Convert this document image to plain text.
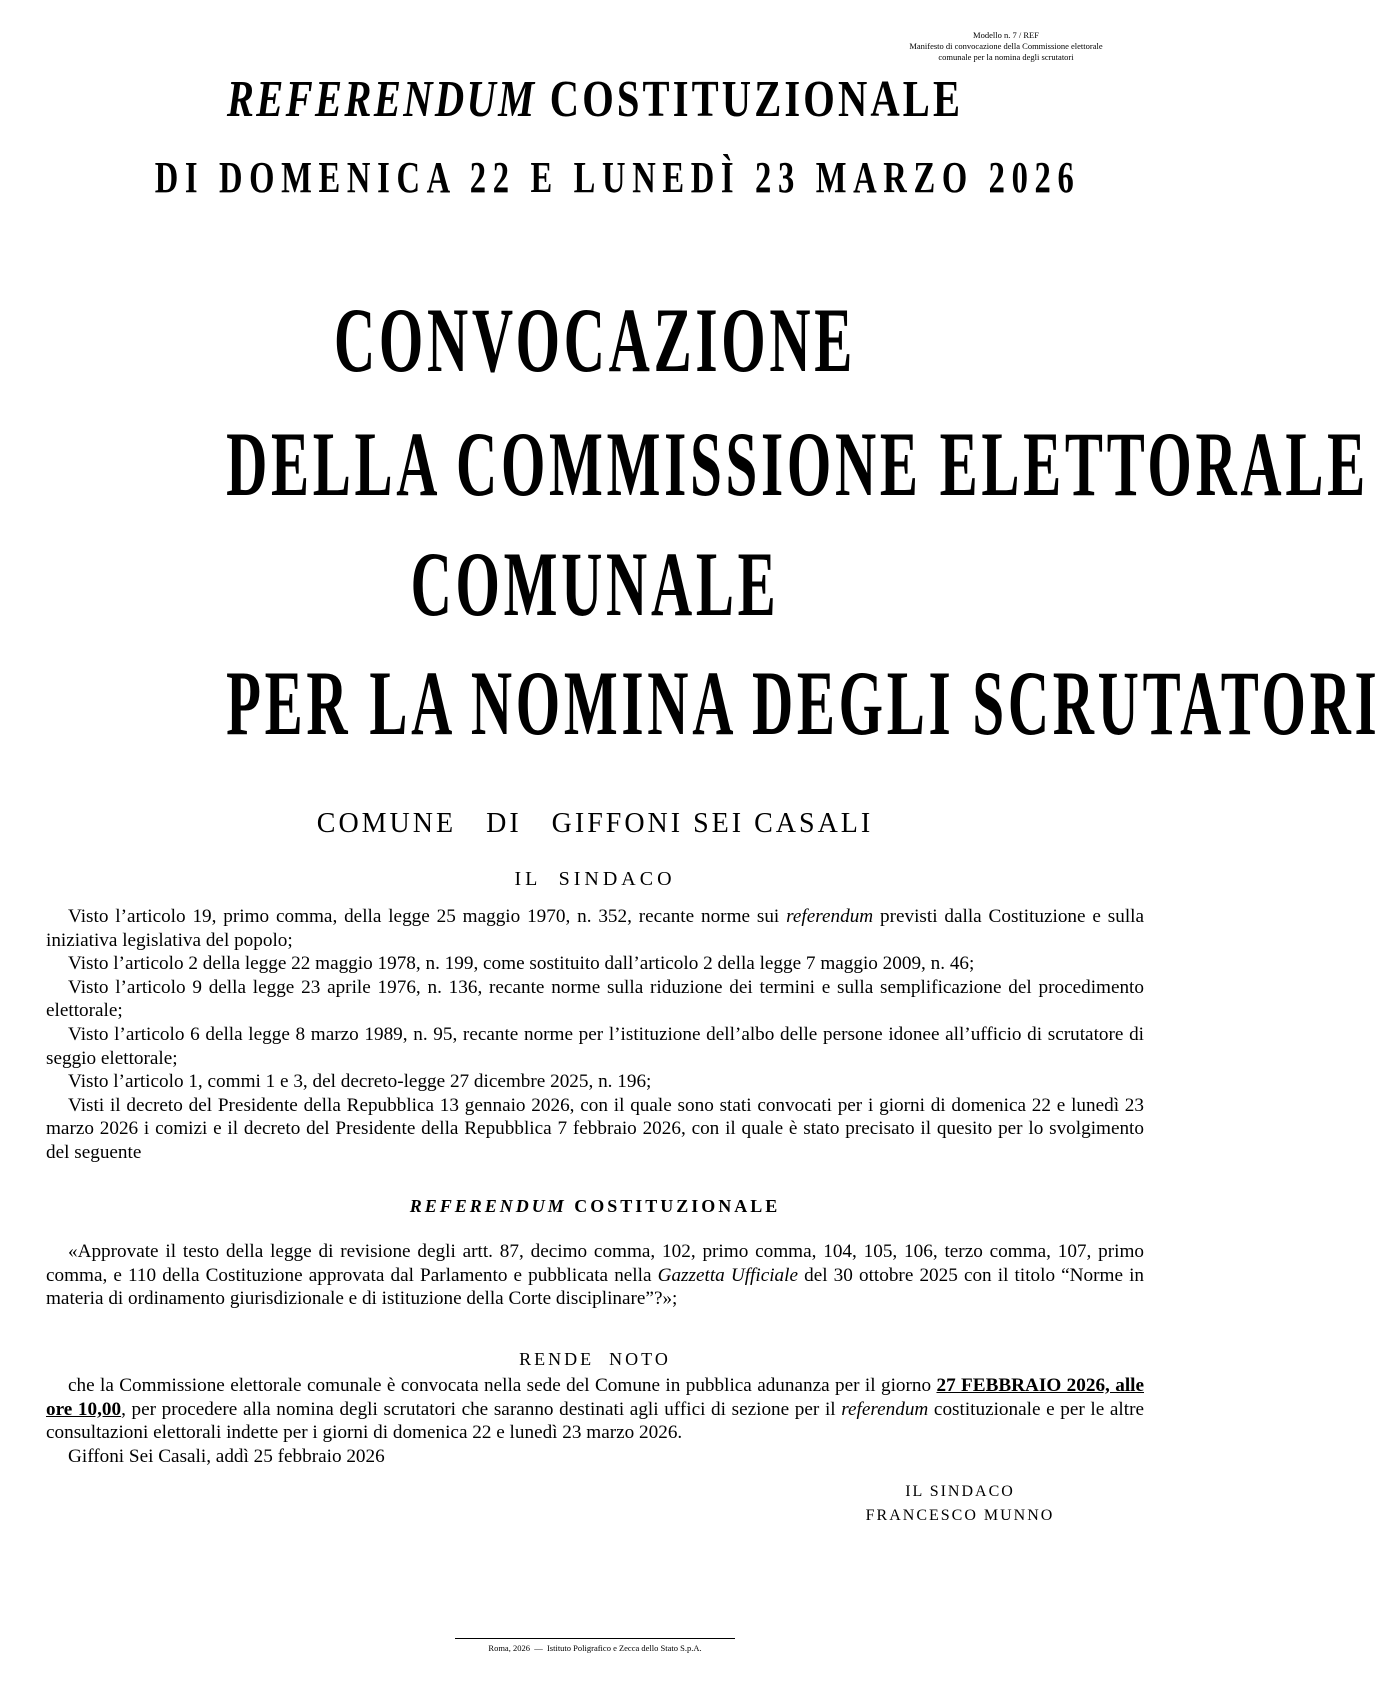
Modello n. 7 / REF
Manifesto di convocazione della Commissione elettorale
comunale per la nomina degli scrutatori
REFERENDUM COSTITUZIONALE
DI DOMENICA 22 E LUNEDÌ 23 MARZO 2026
CONVOCAZIONE
DELLA COMMISSIONE ELETTORALE
COMUNALE
PER LA NOMINA DEGLI SCRUTATORI
COMUNE   DI   GIFFONI SEI CASALI
IL  SINDACO

Visto l’articolo 19, primo comma, della legge 25 maggio 1970, n. 352, recante norme sui referendum previsti dalla Costituzione e sulla iniziativa legislativa del popolo;

Visto l’articolo 2 della legge 22 maggio 1978, n. 199, come sostituito dall’articolo 2 della legge 7 maggio 2009, n. 46;

Visto l’articolo 9 della legge 23 aprile 1976, n. 136, recante norme sulla riduzione dei termini e sulla semplificazione del procedimento elettorale;

Visto l’articolo 6 della legge 8 marzo 1989, n. 95, recante norme per l’istituzione dell’albo delle persone idonee all’ufficio di scrutatore di seggio elettorale;

Visto l’articolo 1, commi 1 e 3, del decreto-legge 27 dicembre 2025, n. 196;

Visti il decreto del Presidente della Repubblica 13 gennaio 2026, con il quale sono stati convocati per i giorni di domenica 22 e lunedì 23 marzo 2026 i comizi e il decreto del Presidente della Repubblica 7 febbraio 2026, con il quale è stato precisato il quesito per lo svolgimento del seguente

REFERENDUM COSTITUZIONALE

«Approvate il testo della legge di revisione degli artt. 87, decimo comma, 102, primo comma, 104, 105, 106, terzo comma, 107, primo comma, e 110 della Costituzione approvata dal Parlamento e pubblicata nella Gazzetta Ufficiale del 30 ottobre 2025 con il titolo “Norme in materia di ordinamento giurisdizionale e di istituzione della Corte disciplinare”?»;

RENDE  NOTO

che la Commissione elettorale comunale è convocata nella sede del Comune in pubblica adunanza per il giorno 27 FEBBRAIO 2026, alle ore 10,00, per procedere alla nomina degli scrutatori che saranno destinati agli uffici di sezione per il referendum costituzionale e per le altre consultazioni elettorali indette per i giorni di domenica 22 e lunedì 23 marzo 2026.

Giffoni Sei Casali, addì 25 febbraio 2026

IL SINDACO
FRANCESCO MUNNO
Roma, 2026  —  Istituto Poligrafico e Zecca dello Stato S.p.A.
